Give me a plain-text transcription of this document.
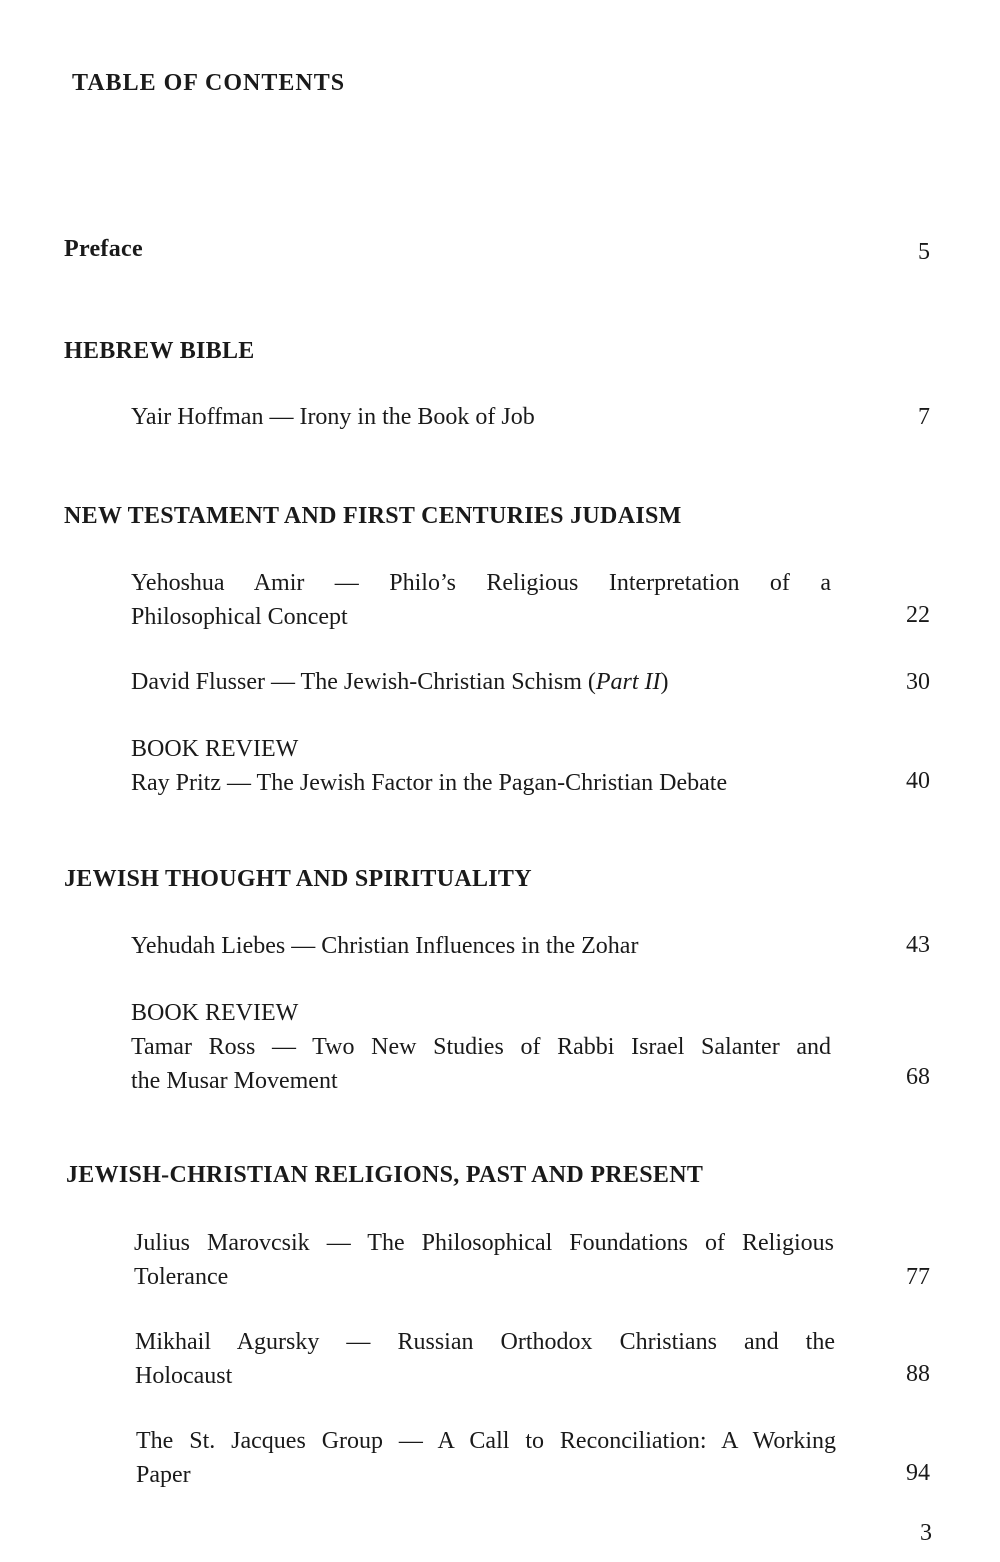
TABLE OF CONTENTS
Preface	5
HEBREW BIBLE
Yair Hoffman — Irony in the Book of Job	7
NEW TESTAMENT AND FIRST CENTURIES JUDAISM
Yehoshua Amir — Philo’s Religious Interpretation of a
Philosophical Concept	22
David Flusser — The Jewish-Christian Schism (Part II)	30
BOOK REVIEW
Ray Pritz — The Jewish Factor in the Pagan-Christian Debate	40
JEWISH THOUGHT AND SPIRITUALITY
Yehudah Liebes — Christian Influences in the Zohar	43
BOOK REVIEW
Tamar Ross — Two New Studies of Rabbi Israel Salanter and
the Musar Movement	68
JEWISH-CHRISTIAN RELIGIONS, PAST AND PRESENT
Julius Marovcsik — The Philosophical Foundations of Religious
Tolerance	77
Mikhail Agursky — Russian Orthodox Christians and the
Holocaust	88
The St. Jacques Group — A Call to Reconciliation: A Working
Paper	94
3
